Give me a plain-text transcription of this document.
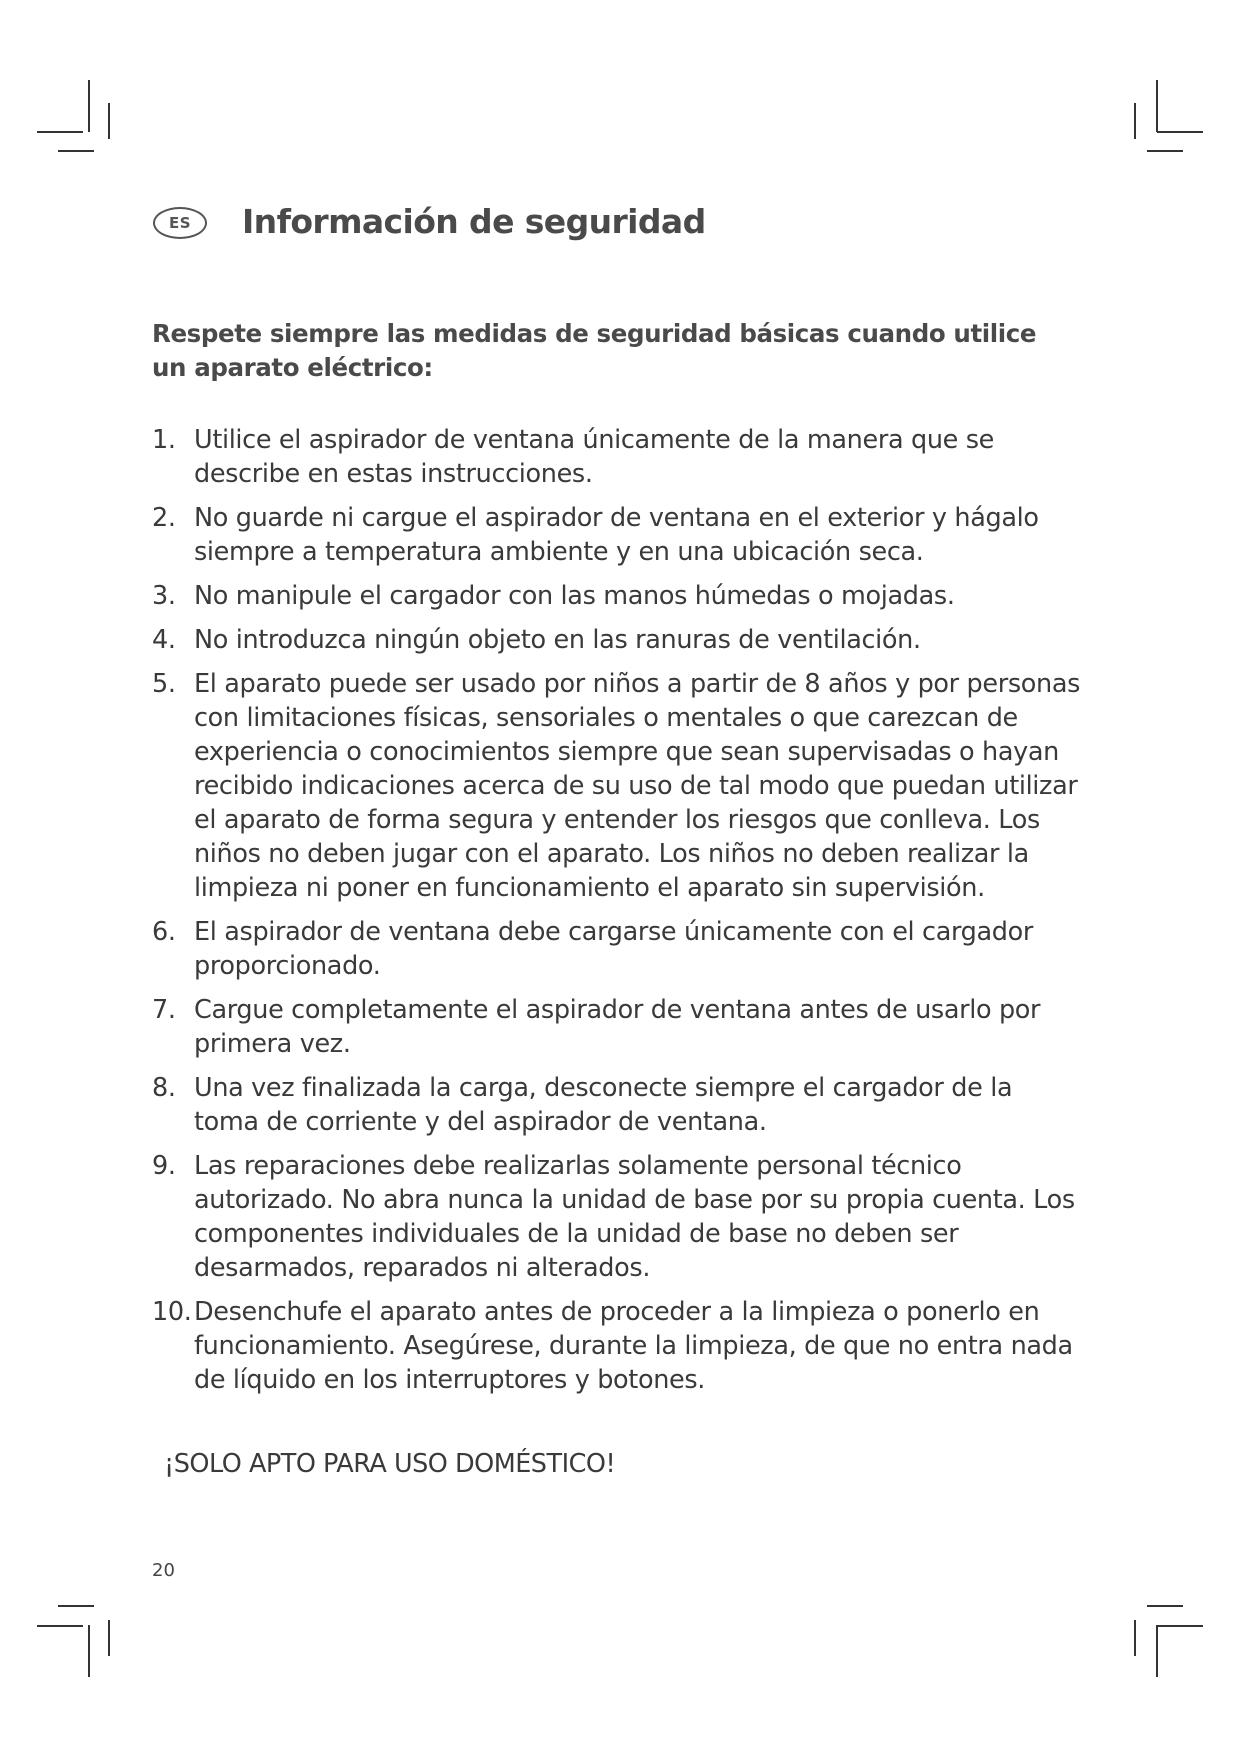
ES	Información de seguridad

Respete siempre las medidas de seguridad básicas cuando utilice un aparato eléctrico:

1. Utilice el aspirador de ventana únicamente de la manera que se describe en estas instrucciones.
2. No guarde ni cargue el aspirador de ventana en el exterior y hágalo siempre a temperatura ambiente y en una ubicación seca.
3. No manipule el cargador con las manos húmedas o mojadas.
4. No introduzca ningún objeto en las ranuras de ventilación.
5. El aparato puede ser usado por niños a partir de 8 años y por personas con limitaciones físicas, sensoriales o mentales o que carezcan de experiencia o conocimientos siempre que sean supervisadas o hayan recibido indicaciones acerca de su uso de tal modo que puedan utilizar el aparato de forma segura y entender los riesgos que conlleva. Los niños no deben jugar con el aparato. Los niños no deben realizar la limpieza ni poner en funcionamiento el aparato sin supervisión.
6. El aspirador de ventana debe cargarse únicamente con el cargador proporcionado.
7. Cargue completamente el aspirador de ventana antes de usarlo por primera vez.
8. Una vez finalizada la carga, desconecte siempre el cargador de la toma de corriente y del aspirador de ventana.
9. Las reparaciones debe realizarlas solamente personal técnico autorizado. No abra nunca la unidad de base por su propia cuenta. Los componentes individuales de la unidad de base no deben ser desarmados, reparados ni alterados.
10. Desenchufe el aparato antes de proceder a la limpieza o ponerlo en funcionamiento. Asegúrese, durante la limpieza, de que no entra nada de líquido en los interruptores y botones.

¡SOLO APTO PARA USO DOMÉSTICO!

20
